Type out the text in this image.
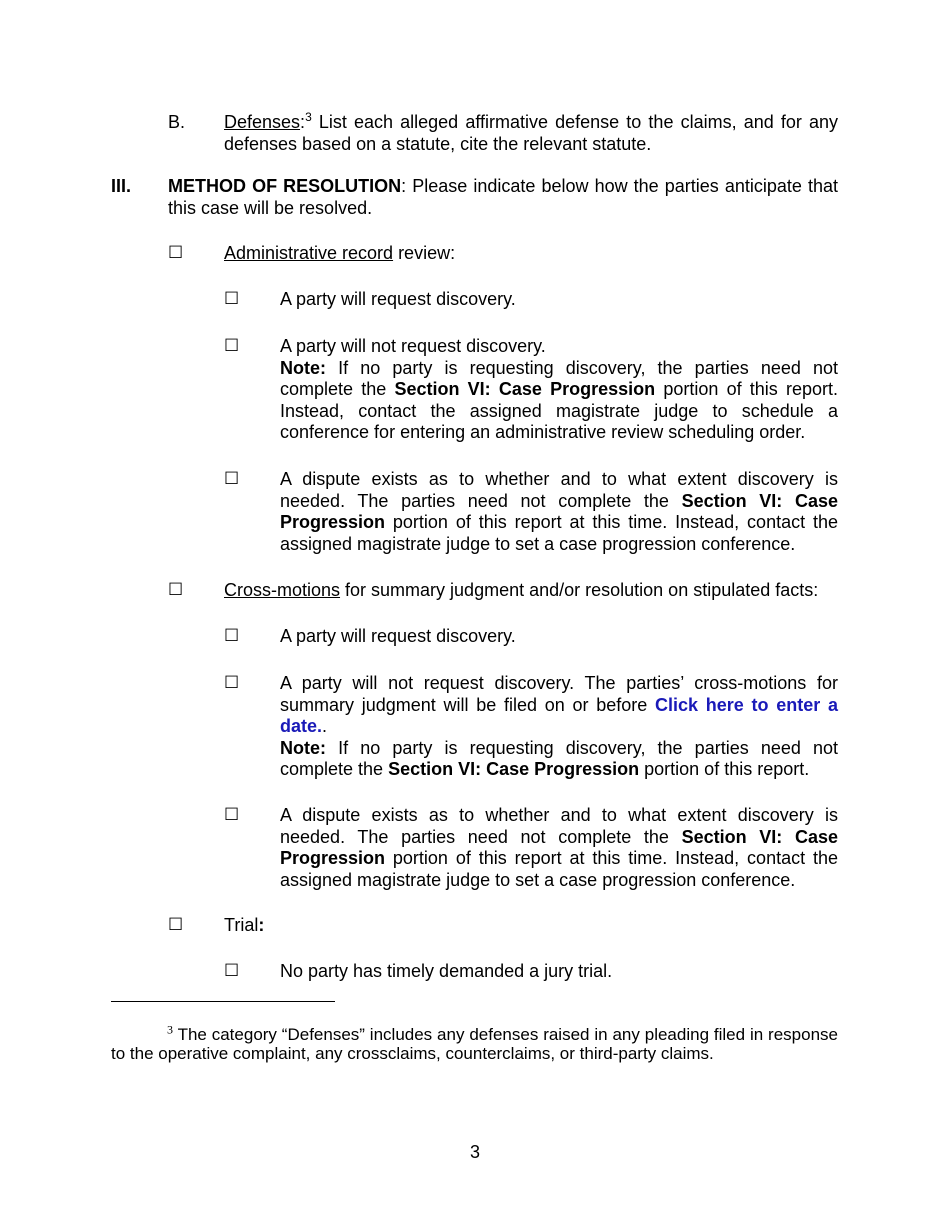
B. Defenses:$^3$ List each alleged affirmative defense to the claims, and for any defenses based on a statute, cite the relevant statute.
III. METHOD OF RESOLUTION: Please indicate below how the parties anticipate that this case will be resolved.
☐ Administrative record review:
☐ A party will request discovery.
☐ A party will not request discovery.
Note: If no party is requesting discovery, the parties need not complete the Section VI: Case Progression portion of this report. Instead, contact the assigned magistrate judge to schedule a conference for entering an administrative review scheduling order.
☐ A dispute exists as to whether and to what extent discovery is needed. The parties need not complete the Section VI: Case Progression portion of this report at this time. Instead, contact the assigned magistrate judge to set a case progression conference.
☐ Cross-motions for summary judgment and/or resolution on stipulated facts:
☐ A party will request discovery.
☐ A party will not request discovery. The parties’ cross-motions for summary judgment will be filed on or before Click here to enter a date..
Note: If no party is requesting discovery, the parties need not complete the Section VI: Case Progression portion of this report.
☐ A dispute exists as to whether and to what extent discovery is needed. The parties need not complete the Section VI: Case Progression portion of this report at this time. Instead, contact the assigned magistrate judge to set a case progression conference.
☐ Trial:
☐ No party has timely demanded a jury trial.
$^3$ The category “Defenses” includes any defenses raised in any pleading filed in response to the operative complaint, any crossclaims, counterclaims, or third-party claims.
3
